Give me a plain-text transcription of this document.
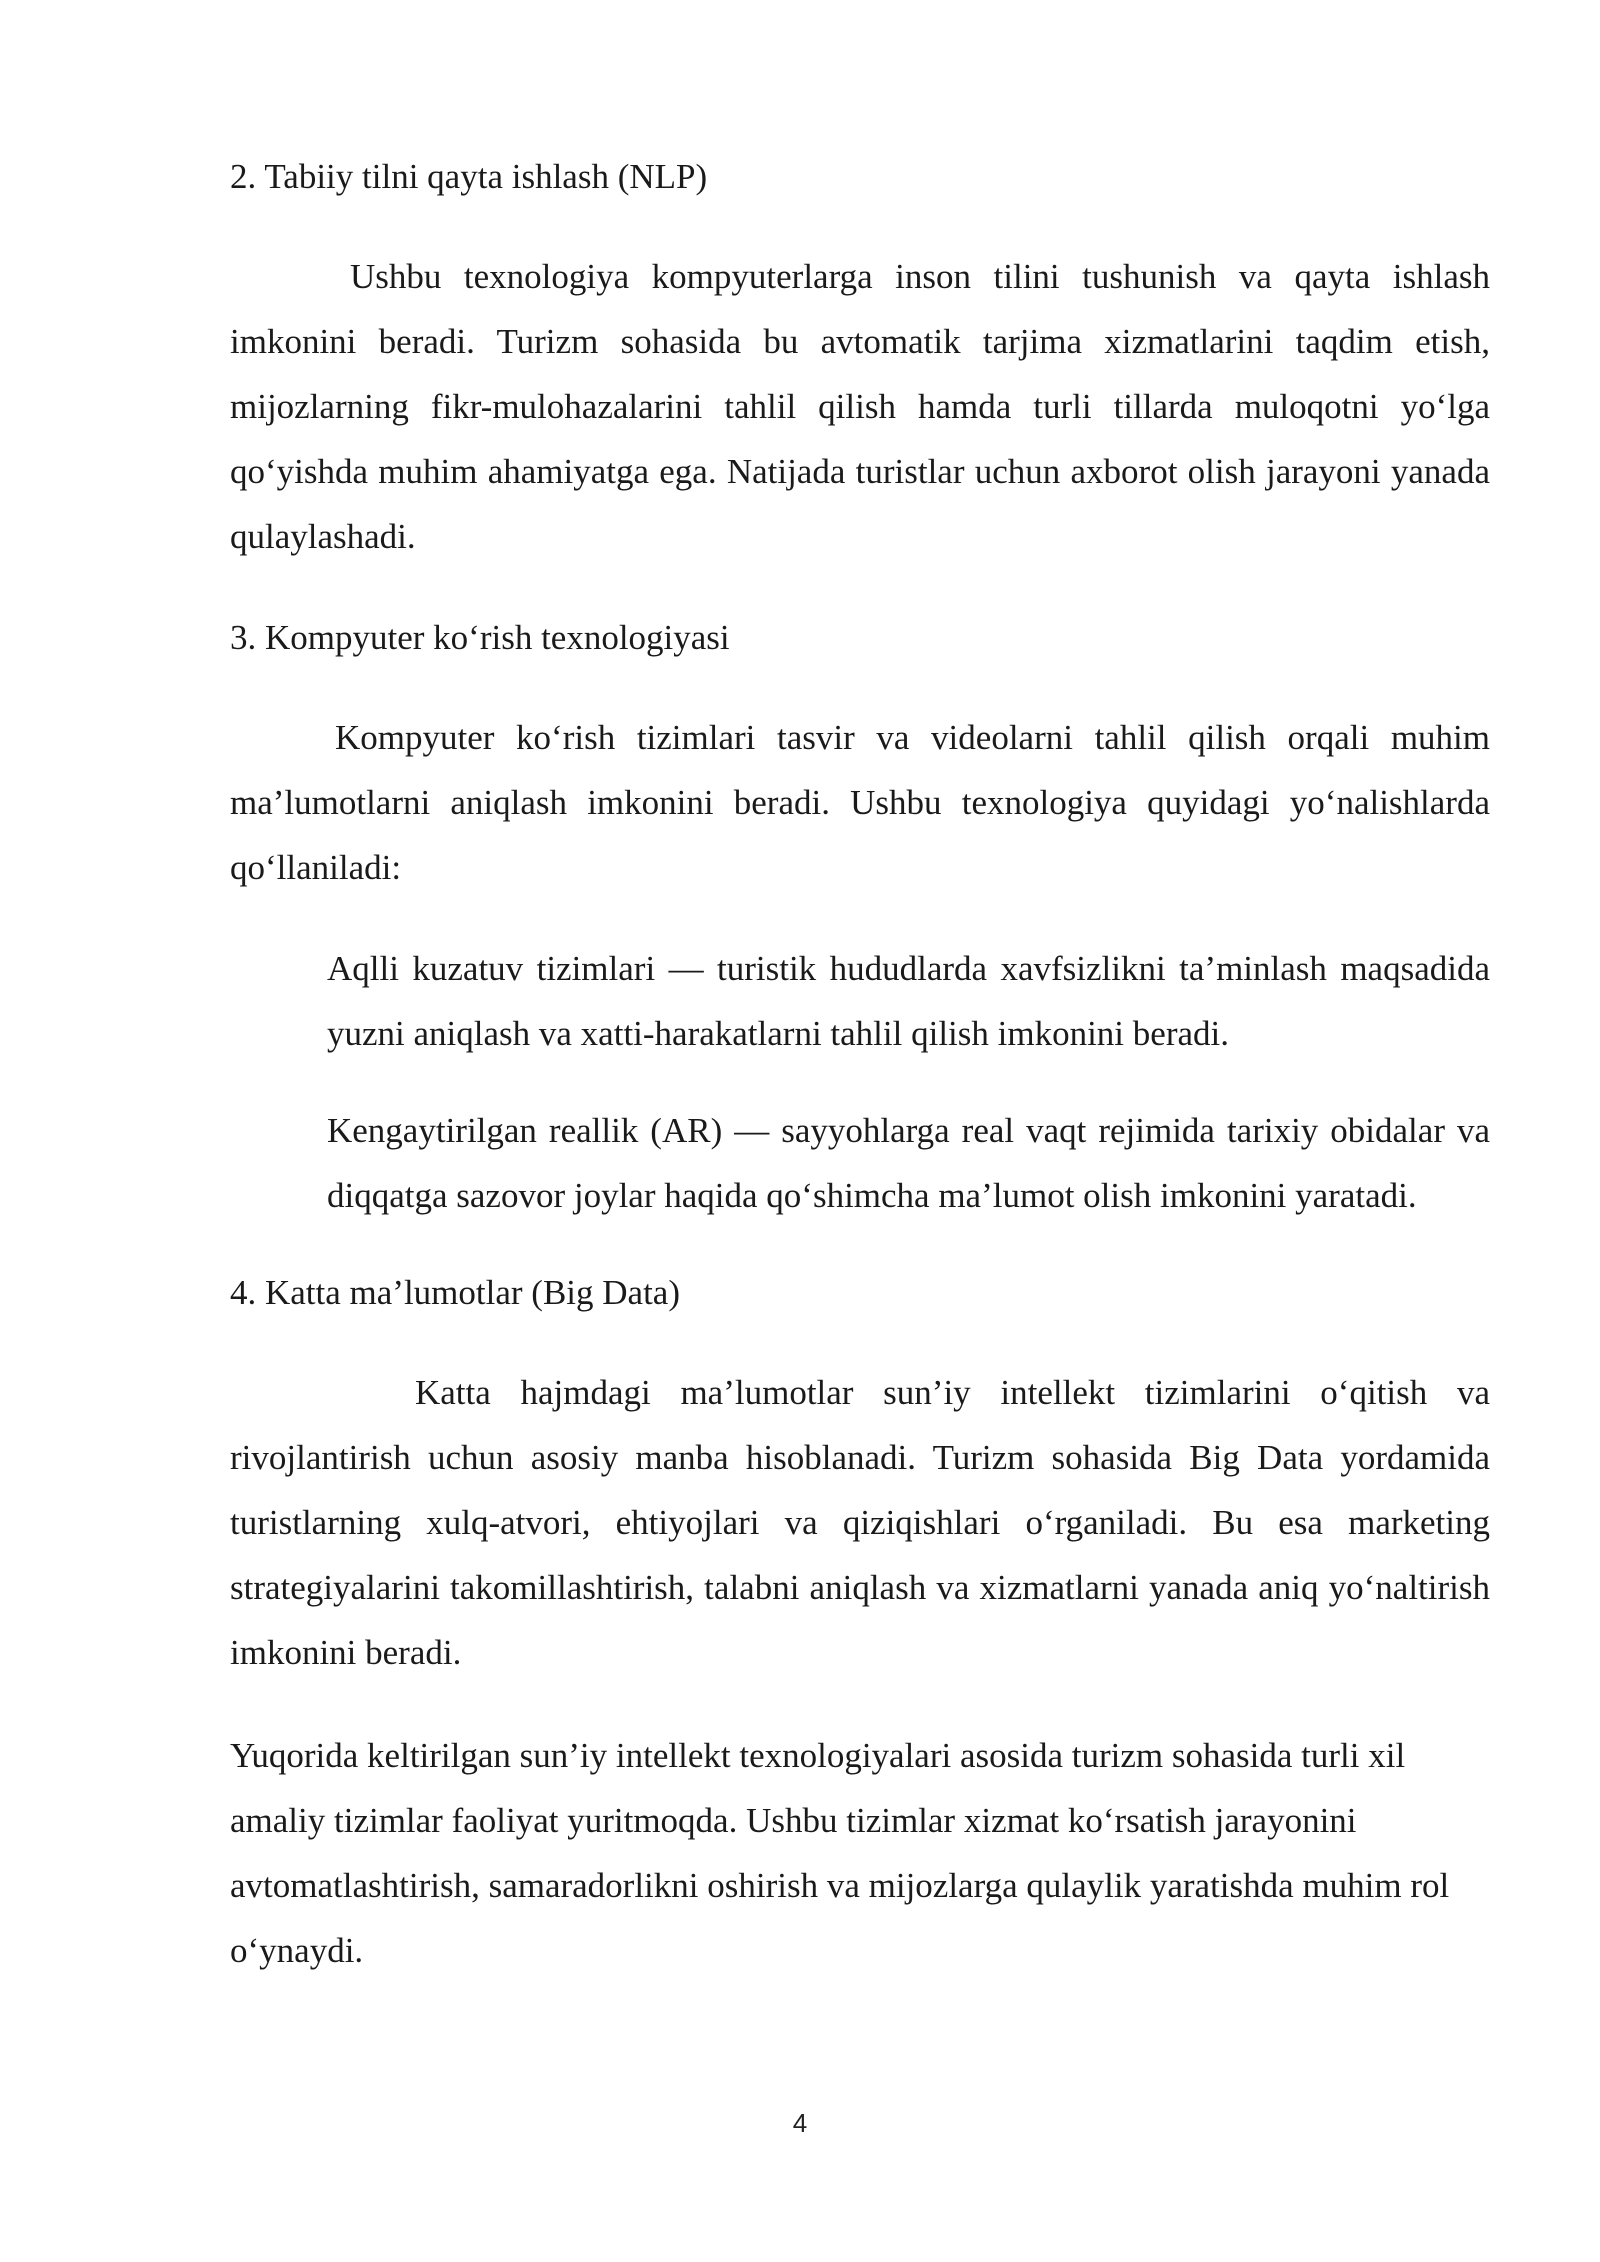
2. Tabiiy tilni qayta ishlash (NLP)

Ushbu texnologiya kompyuterlarga inson tilini tushunish va qayta ishlash imkonini beradi. Turizm sohasida bu avtomatik tarjima xizmatlarini taqdim etish, mijozlarning fikr-mulohazalarini tahlil qilish hamda turli tillarda muloqotni yo‘lga qo‘yishda muhim ahamiyatga ega. Natijada turistlar uchun axborot olish jarayoni yanada qulaylashadi.

3. Kompyuter ko‘rish texnologiyasi

Kompyuter ko‘rish tizimlari tasvir va videolarni tahlil qilish orqali muhim ma’lumotlarni aniqlash imkonini beradi. Ushbu texnologiya quyidagi yo‘nalishlarda qo‘llaniladi:

Aqlli kuzatuv tizimlari — turistik hududlarda xavfsizlikni ta’minlash maqsadida yuzni aniqlash va xatti-harakatlarni tahlil qilish imkonini beradi.

Kengaytirilgan reallik (AR) — sayyohlarga real vaqt rejimida tarixiy obidalar va diqqatga sazovor joylar haqida qo‘shimcha ma’lumot olish imkonini yaratadi.

4. Katta ma’lumotlar (Big Data)

Katta hajmdagi ma’lumotlar sun’iy intellekt tizimlarini o‘qitish va rivojlantirish uchun asosiy manba hisoblanadi. Turizm sohasida Big Data yordamida turistlarning xulq-atvori, ehtiyojlari va qiziqishlari o‘rganiladi. Bu esa marketing strategiyalarini takomillashtirish, talabni aniqlash va xizmatlarni yanada aniq yo‘naltirish imkonini beradi.

Yuqorida keltirilgan sun’iy intellekt texnologiyalari asosida turizm sohasida turli xil amaliy tizimlar faoliyat yuritmoqda. Ushbu tizimlar xizmat ko‘rsatish jarayonini avtomatlashtirish, samaradorlikni oshirish va mijozlarga qulaylik yaratishda muhim rol o‘ynaydi.

4
